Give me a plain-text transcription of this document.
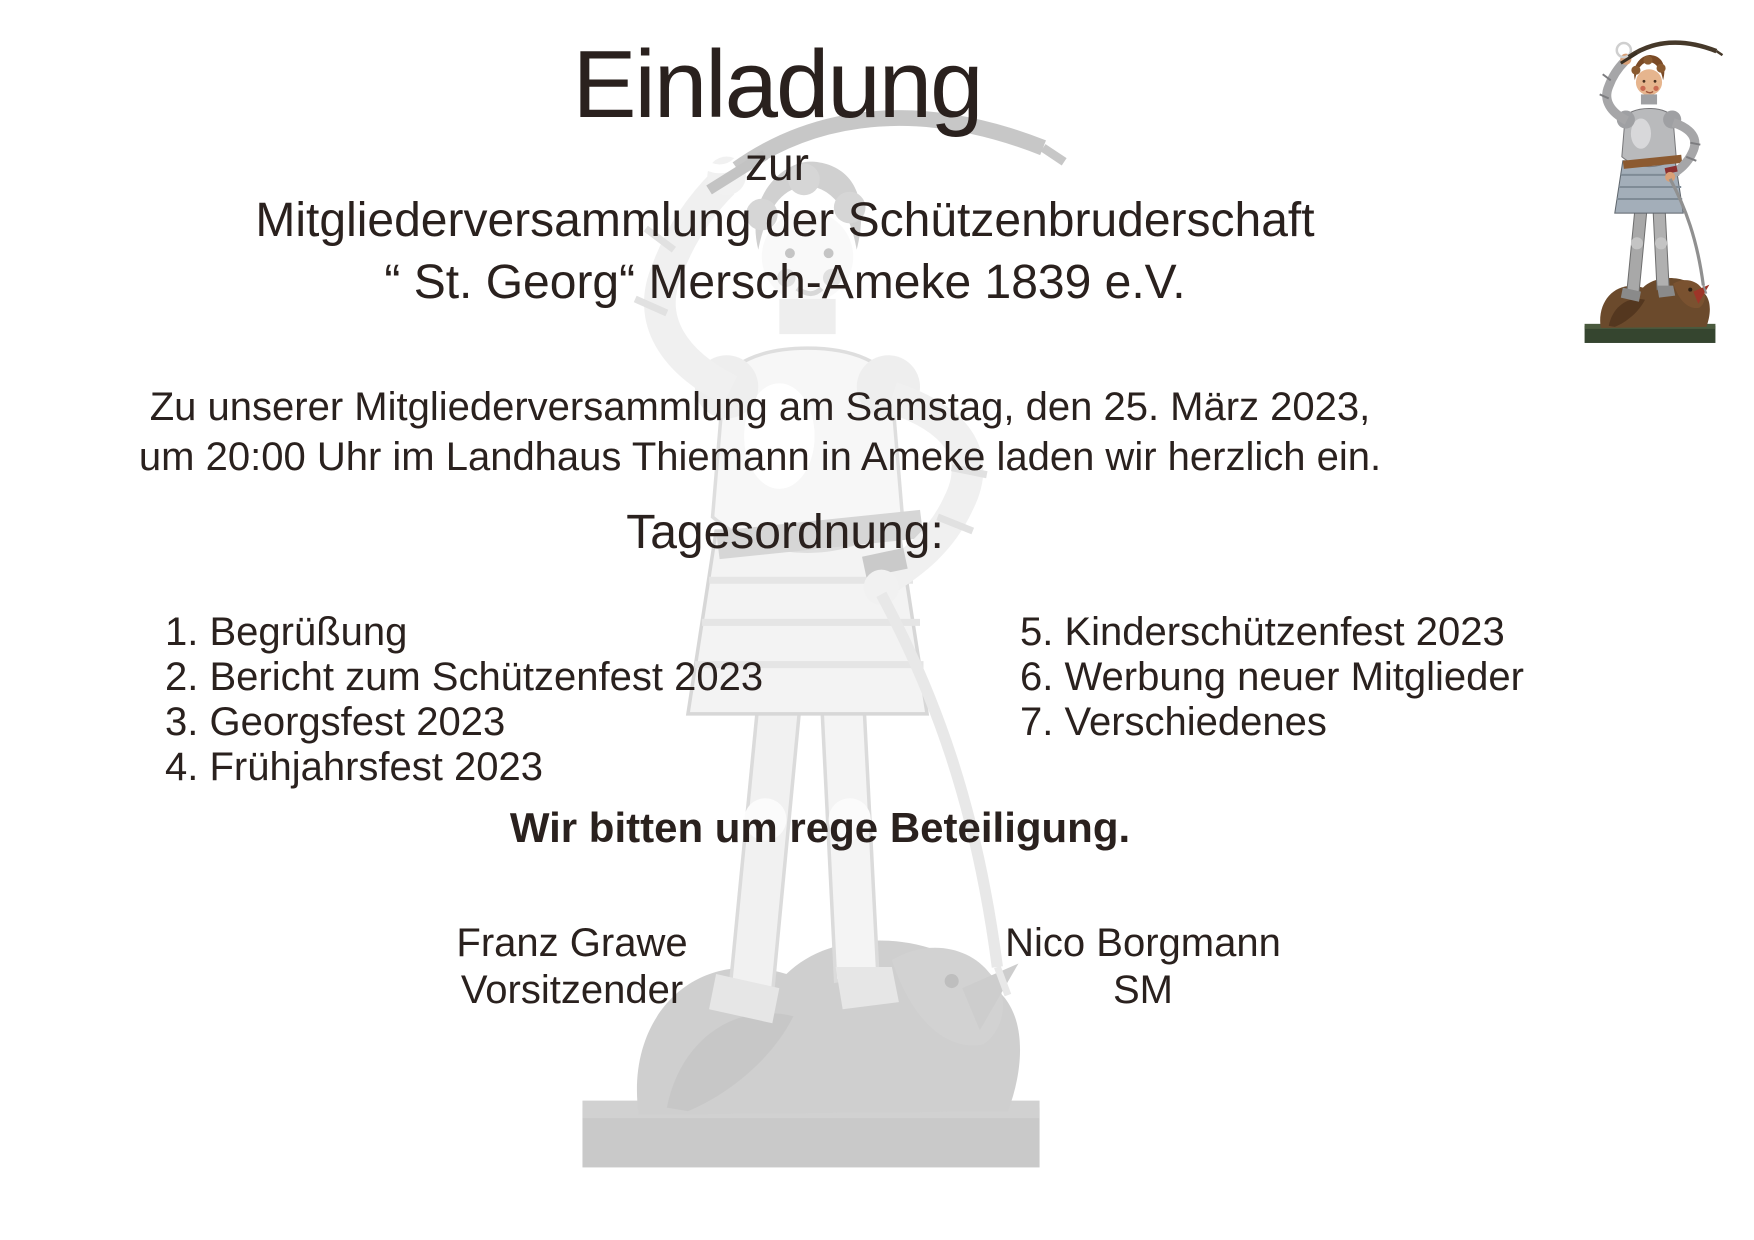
Einladung
zur
Mitgliederversammlung der Schützenbruderschaft
“ St. Georg“ Mersch-Ameke 1839 e.V.
Zu unserer Mitgliederversammlung am Samstag, den 25. März 2023,
um 20:00 Uhr im Landhaus Thiemann in Ameke laden wir herzlich ein.
Tagesordnung:
1. Begrüßung
2. Bericht zum Schützenfest 2023
3. Georgsfest 2023
4. Frühjahrsfest 2023
5. Kinderschützenfest 2023
6. Werbung neuer Mitglieder
7. Verschiedenes
Wir bitten um rege Beteiligung.
Franz Grawe
Vorsitzender
Nico Borgmann
SM
